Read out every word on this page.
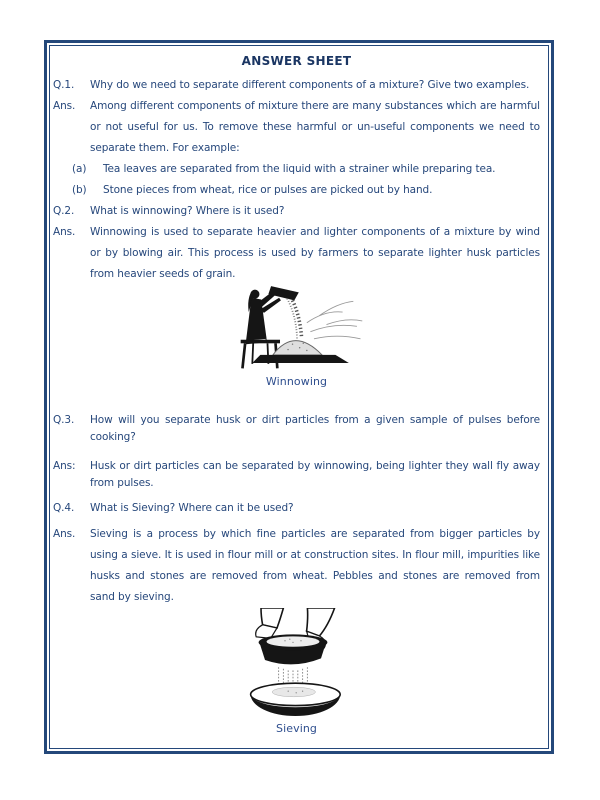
ANSWER SHEET
Q.1.	Why do we need to separate different components of a mixture? Give two examples.
Ans.	Among different components of mixture there are many substances which are harmful or not useful for us. To remove these harmful or un-useful components we need to separate them. For example:
(a)	Tea leaves are separated from the liquid with a strainer while preparing tea.
(b)	Stone pieces from wheat, rice or pulses are picked out by hand.
Q.2.	What is winnowing? Where is it used?
Ans.	Winnowing is used to separate heavier and lighter components of a mixture by wind or by blowing air. This process is used by farmers to separate lighter husk particles from heavier seeds of grain.
Winnowing
Q.3.	How will you separate husk or dirt particles from a given sample of pulses before cooking?
Ans:	Husk or dirt particles can be separated by winnowing, being lighter they wall fly away from pulses.
Q.4.	What is Sieving? Where can it be used?
Ans.	Sieving is a process by which fine particles are separated from bigger particles by using a sieve. It is used in flour mill or at construction sites. In flour mill, impurities like husks and stones are removed from wheat. Pebbles and stones are removed from sand by sieving.
Sieving
